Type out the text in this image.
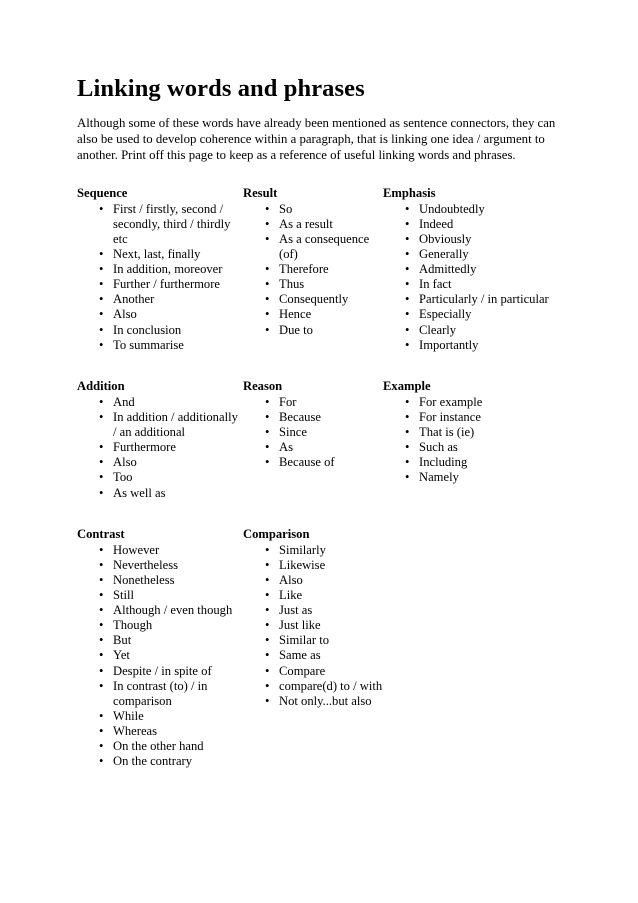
Linking words and phrases

Although some of these words have already been mentioned as sentence connectors, they can also be used to develop coherence within a paragraph, that is linking one idea / argument to another. Print off this page to keep as a reference of useful linking words and phrases.

Sequence
• First / firstly, second / secondly, third / thirdly etc
• Next, last, finally
• In addition, moreover
• Further / furthermore
• Another
• Also
• In conclusion
• To summarise
Result
• So
• As a result
• As a consequence (of)
• Therefore
• Thus
• Consequently
• Hence
• Due to
Emphasis
• Undoubtedly
• Indeed
• Obviously
• Generally
• Admittedly
• In fact
• Particularly / in particular
• Especially
• Clearly
• Importantly
Addition
• And
• In addition / additionally / an additional
• Furthermore
• Also
• Too
• As well as
Reason
• For
• Because
• Since
• As
• Because of
Example
• For example
• For instance
• That is (ie)
• Such as
• Including
• Namely
Contrast
• However
• Nevertheless
• Nonetheless
• Still
• Although / even though
• Though
• But
• Yet
• Despite / in spite of
• In contrast (to) / in comparison
• While
• Whereas
• On the other hand
• On the contrary
Comparison
• Similarly
• Likewise
• Also
• Like
• Just as
• Just like
• Similar to
• Same as
• Compare
• compare(d) to / with
• Not only...but also
